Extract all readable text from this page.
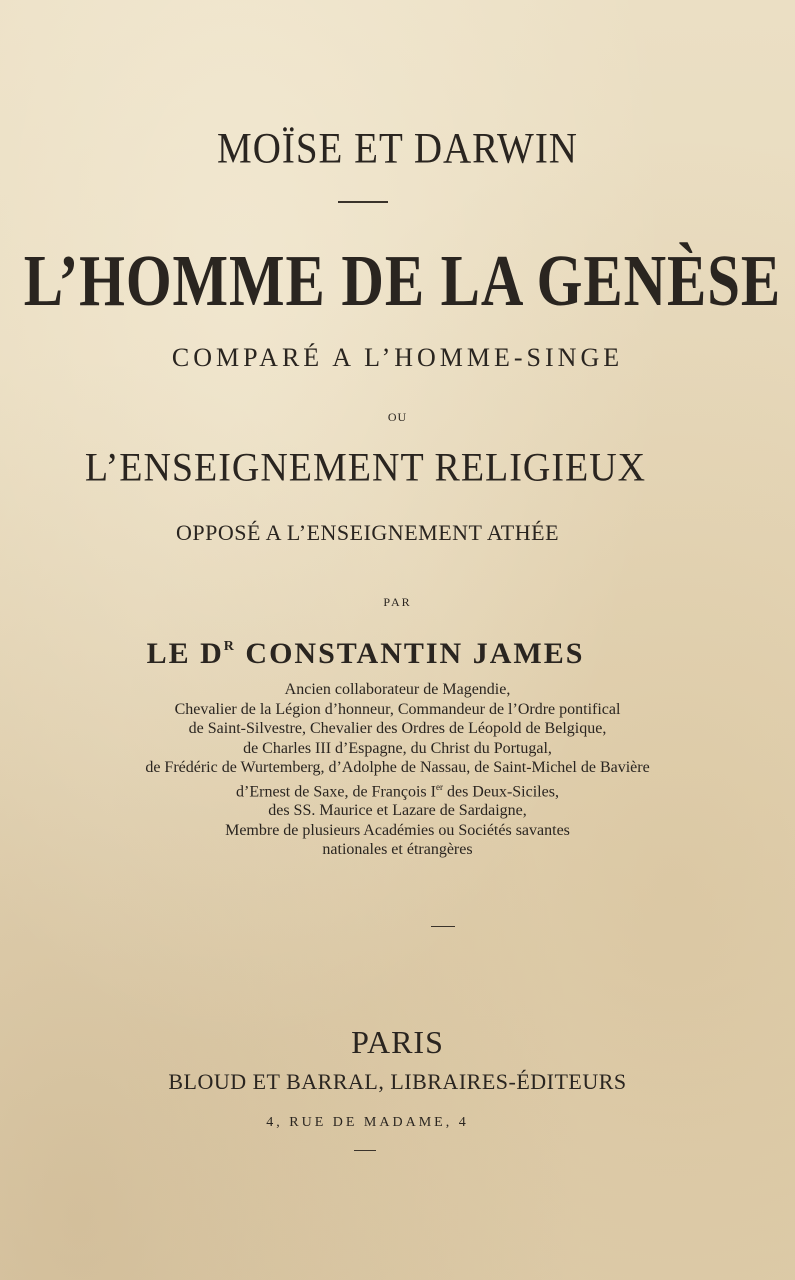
MOÏSE ET DARWIN
L’HOMME DE LA GENÈSE
COMPARÉ A L’HOMME-SINGE
OU
L’ENSEIGNEMENT RELIGIEUX
OPPOSÉ A L’ENSEIGNEMENT ATHÉE
PAR
LE $D^R$ CONSTANTIN JAMES
Ancien collaborateur de Magendie,
Chevalier de la Légion d’honneur, Commandeur de l’Ordre pontifical
de Saint-Silvestre, Chevalier des Ordres de Léopold de Belgique,
de Charles III d’Espagne, du Christ du Portugal,
de Frédéric de Wurtemberg, d’Adolphe de Nassau, de Saint-Michel de Bavière
d’Ernest de Saxe, de François Ier des Deux-Siciles,
des SS. Maurice et Lazare de Sardaigne,
Membre de plusieurs Académies ou Sociétés savantes
nationales et étrangères
PARIS
BLOUD ET BARRAL, LIBRAIRES-ÉDITEURS
4, RUE DE MADAME, 4
